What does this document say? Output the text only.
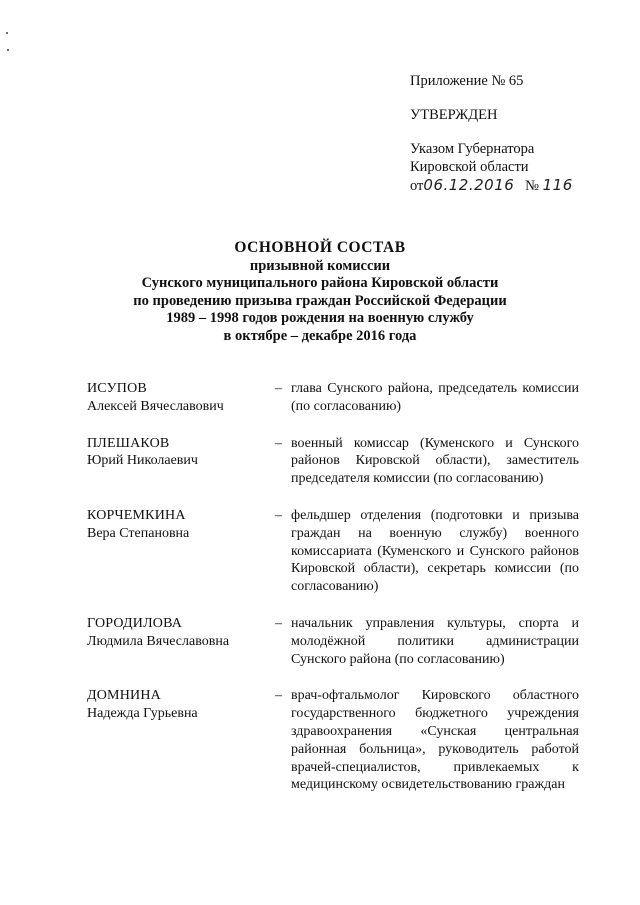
Приложение № 65
УТВЕРЖДЕН
Указом Губернатора
Кировской области
от06.12.2016 № 116
ОСНОВНОЙ СОСТАВ
призывной комиссии
Сунского муниципального района Кировской области
по проведению призыва граждан Российской Федерации
1989 – 1998 годов рождения на военную службу
в октябре – декабре 2016 года
ИСУПОВ
Алексей Вячеславович
– глава Сунского района, председатель комиссии (по согласованию)
ПЛЕШАКОВ
Юрий Николаевич
– военный комиссар (Куменского и Сунского районов Кировской области), заместитель председателя комиссии (по согласованию)
КОРЧЕМКИНА
Вера Степановна
– фельдшер отделения (подготовки и призыва граждан на военную службу) военного комиссариата (Куменского и Сунского районов Кировской области), секретарь комиссии (по согласованию)
ГОРОДИЛОВА
Людмила Вячеславовна
– начальник управления культуры, спорта и молодёжной политики администрации Сунского района (по согласованию)
ДОМНИНА
Надежда Гурьевна
– врач-офтальмолог Кировского областного государственного бюджетного учреждения здравоохранения «Сунская центральная районная больница», руководитель работой врачей-специалистов, привлекаемых к медицинскому освидетельствованию граждан
